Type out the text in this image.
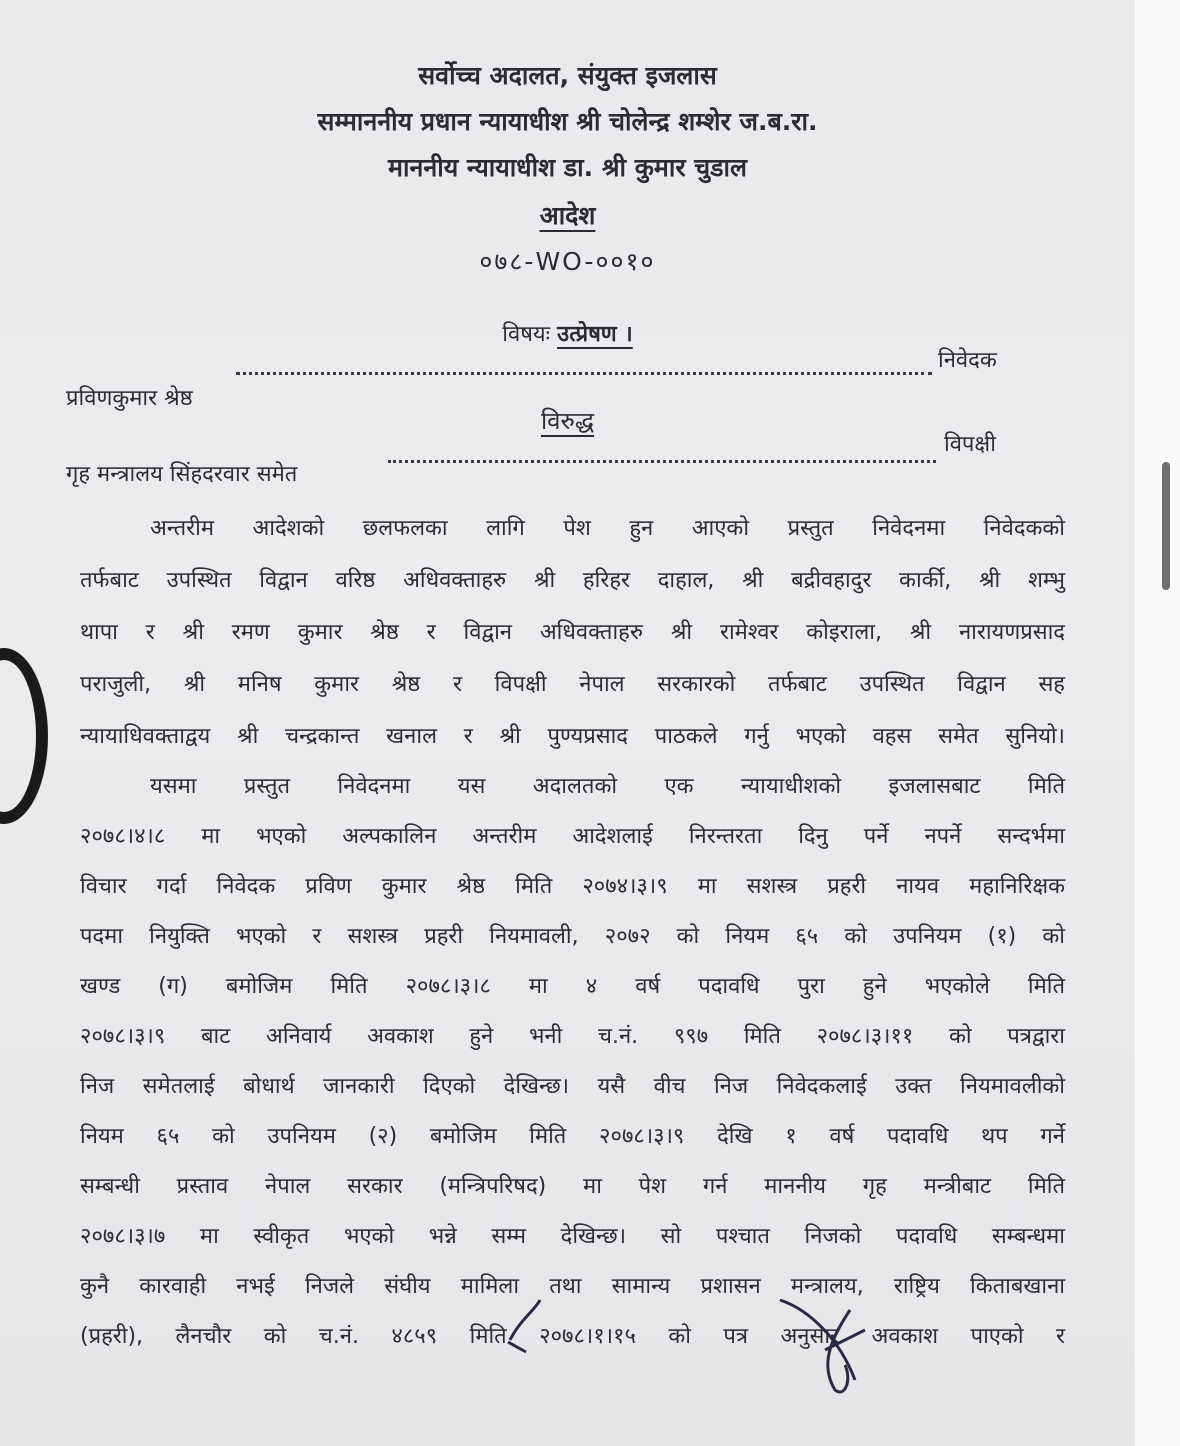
सर्वोच्च अदालत, संयुक्त इजलास
सम्माननीय प्रधान न्यायाधीश श्री चोलेन्द्र शम्शेर ज.ब.रा.
माननीय न्यायाधीश डा. श्री कुमार चुडाल
आदेश
०७८-WO-००१०
विषयः उत्प्रेषण ।
प्रविणकुमार श्रेष्ठ
निवेदक
विरुद्ध
गृह मन्त्रालय सिंहदरवार समेत
विपक्षी
अन्तरीम आदेशको छलफलका लागि पेश हुन आएको प्रस्तुत निवेदनमा निवेदकको
तर्फबाट उपस्थित विद्वान वरिष्ठ अधिवक्ताहरु श्री हरिहर दाहाल, श्री बद्रीवहादुर कार्की, श्री शम्भु
थापा र श्री रमण कुमार श्रेष्ठ र विद्वान अधिवक्ताहरु श्री रामेश्वर कोइराला, श्री नारायणप्रसाद
पराजुली, श्री मनिष कुमार श्रेष्ठ र विपक्षी नेपाल सरकारको तर्फबाट उपस्थित विद्वान सह
न्यायाधिवक्ताद्वय श्री चन्द्रकान्त खनाल र श्री पुण्यप्रसाद पाठकले गर्नु भएको वहस समेत सुनियो।
यसमा प्रस्तुत निवेदनमा यस अदालतको एक न्यायाधीशको इजलासबाट मिति
२०७८।४।८ मा भएको अल्पकालिन अन्तरीम आदेशलाई निरन्तरता दिनु पर्ने नपर्ने सन्दर्भमा
विचार गर्दा निवेदक प्रविण कुमार श्रेष्ठ मिति २०७४।३।९ मा सशस्त्र प्रहरी नायव महानिरिक्षक
पदमा नियुक्ति भएको र सशस्त्र प्रहरी नियमावली, २०७२ को नियम ६५ को उपनियम (१) को
खण्ड (ग) बमोजिम मिति २०७८।३।८ मा ४ वर्ष पदावधि पुरा हुने भएकोले मिति
२०७८।३।९ बाट अनिवार्य अवकाश हुने भनी च.नं. ९९७ मिति २०७८।३।११ को पत्रद्वारा
निज समेतलाई बोधार्थ जानकारी दिएको देखिन्छ। यसै वीच निज निवेदकलाई उक्त नियमावलीको
नियम ६५ को उपनियम (२) बमोजिम मिति २०७८।३।९ देखि १ वर्ष पदावधि थप गर्ने
सम्बन्धी प्रस्ताव नेपाल सरकार (मन्त्रिपरिषद) मा पेश गर्न माननीय गृह मन्त्रीबाट मिति
२०७८।३।७ मा स्वीकृत भएको भन्ने सम्म देखिन्छ। सो पश्चात निजको पदावधि सम्बन्धमा
कुनै कारवाही नभई निजले संघीय मामिला तथा सामान्य प्रशासन मन्त्रालय, राष्ट्रिय किताबखाना
(प्रहरी), लैनचौर को च.नं. ४८५९ मिति २०७८।१।१५ को पत्र अनुसार अवकाश पाएको र
